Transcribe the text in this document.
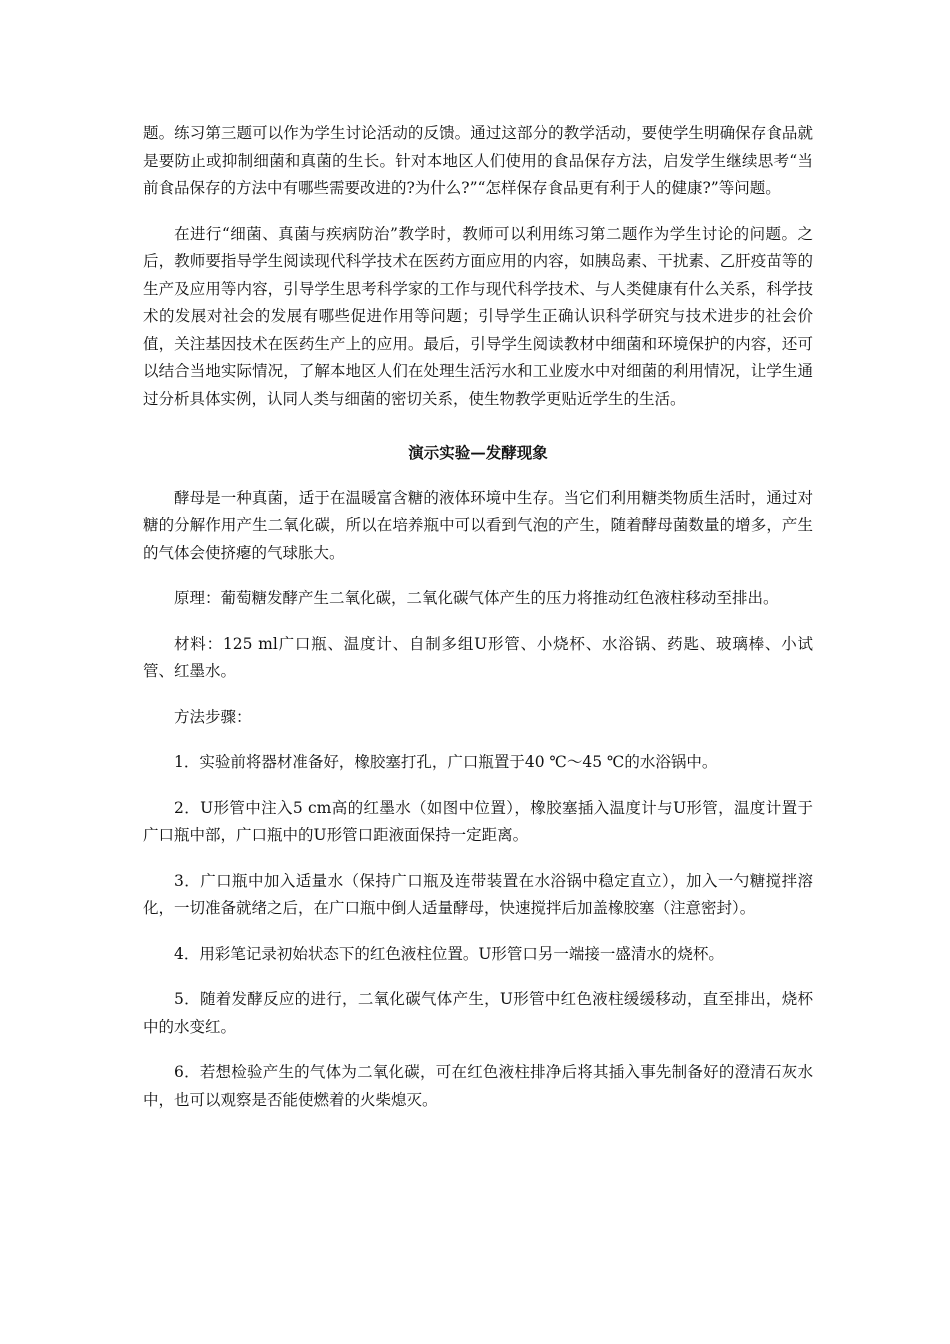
题。练习第三题可以作为学生讨论活动的反馈。通过这部分的教学活动，要使学生明确保存食品就是要防止或抑制细菌和真菌的生长。针对本地区人们使用的食品保存方法，启发学生继续思考“当前食品保存的方法中有哪些需要改进的?为什么?”“怎样保存食品更有利于人的健康?”等问题。

在进行“细菌、真菌与疾病防治”教学时，教师可以利用练习第二题作为学生讨论的问题。之后，教师要指导学生阅读现代科学技术在医药方面应用的内容，如胰岛素、干扰素、乙肝疫苗等的生产及应用等内容，引导学生思考科学家的工作与现代科学技术、与人类健康有什么关系，科学技术的发展对社会的发展有哪些促进作用等问题；引导学生正确认识科学研究与技术进步的社会价值，关注基因技术在医药生产上的应用。最后，引导学生阅读教材中细菌和环境保护的内容，还可以结合当地实际情况，了解本地区人们在处理生活污水和工业废水中对细菌的利用情况，让学生通过分析具体实例，认同人类与细菌的密切关系，使生物教学更贴近学生的生活。

演示实验—发酵现象

酵母是一种真菌，适于在温暖富含糖的液体环境中生存。当它们利用糖类物质生活时，通过对糖的分解作用产生二氧化碳，所以在培养瓶中可以看到气泡的产生，随着酵母菌数量的增多，产生的气体会使挤瘪的气球胀大。

原理：葡萄糖发酵产生二氧化碳，二氧化碳气体产生的压力将推动红色液柱移动至排出。

材料：125 ml广口瓶、温度计、自制多组U形管、小烧杯、水浴锅、药匙、玻璃棒、小试管、红墨水。

方法步骤：

1．实验前将器材准备好，橡胶塞打孔，广口瓶置于40 ℃～45 ℃的水浴锅中。

2．U形管中注入5 cm高的红墨水（如图中位置），橡胶塞插入温度计与U形管，温度计置于广口瓶中部，广口瓶中的U形管口距液面保持一定距离。

3．广口瓶中加入适量水（保持广口瓶及连带装置在水浴锅中稳定直立），加入一勺糖搅拌溶化，一切准备就绪之后，在广口瓶中倒人适量酵母，快速搅拌后加盖橡胶塞（注意密封）。

4．用彩笔记录初始状态下的红色液柱位置。U形管口另一端接一盛清水的烧杯。

5．随着发酵反应的进行，二氧化碳气体产生，U形管中红色液柱缓缓移动，直至排出，烧杯中的水变红。

6．若想检验产生的气体为二氧化碳，可在红色液柱排净后将其插入事先制备好的澄清石灰水中，也可以观察是否能使燃着的火柴熄灭。
